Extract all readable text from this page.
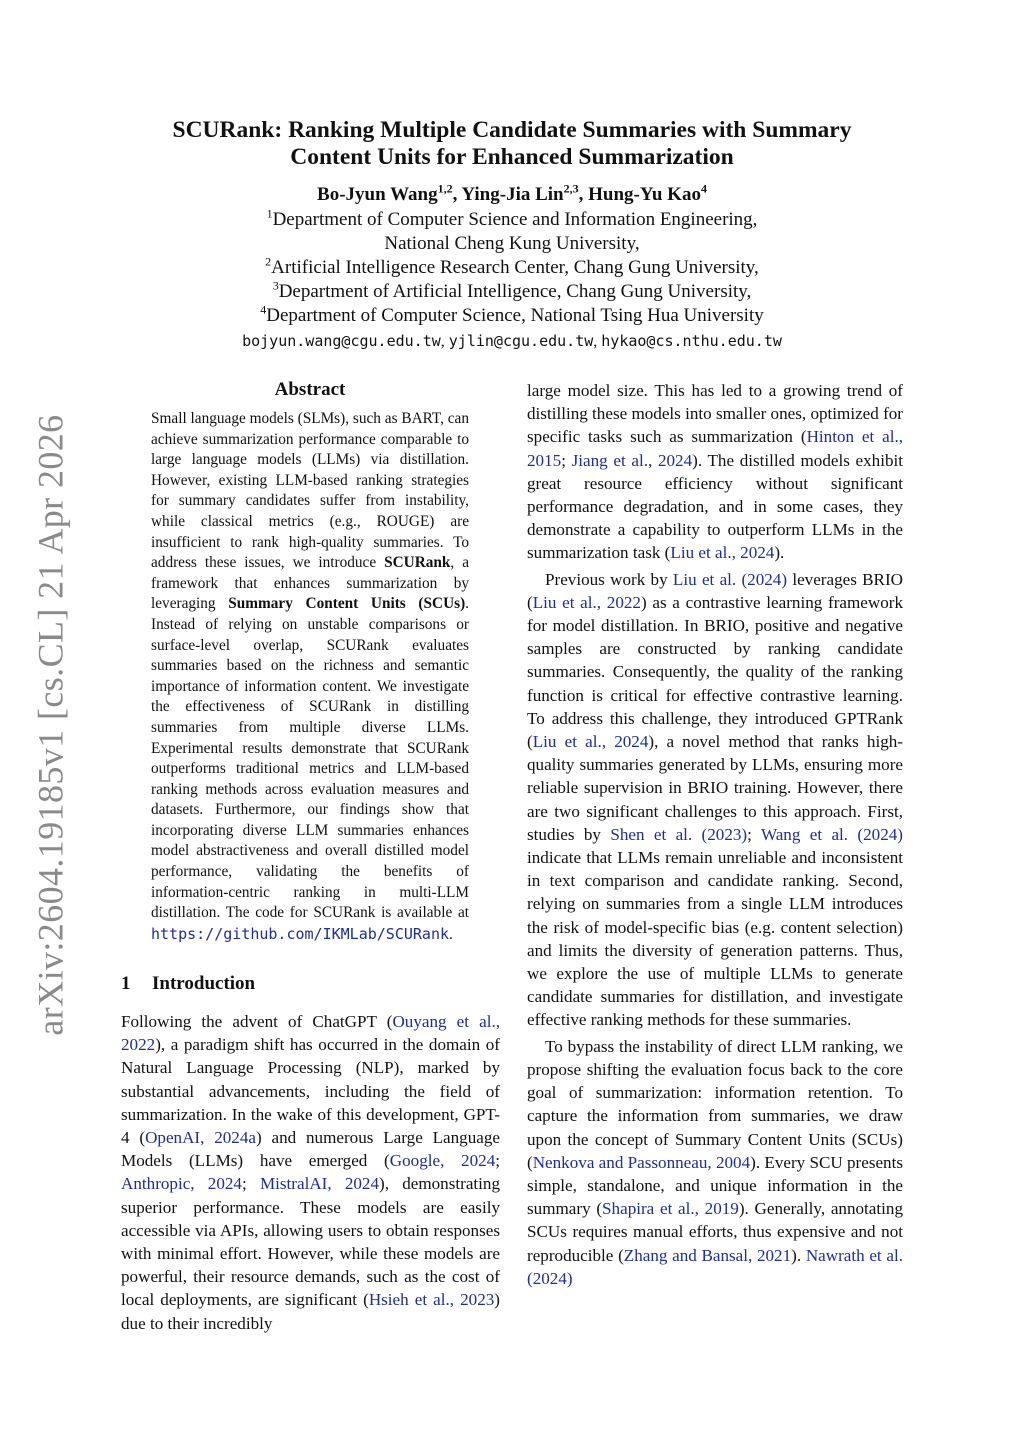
arXiv:2604.19185v1 [cs.CL] 21 Apr 2026
SCURank: Ranking Multiple Candidate Summaries with Summary
Content Units for Enhanced Summarization
Bo-Jyun Wang$^{1,2}$, Ying-Jia Lin$^{2,3}$, Hung-Yu Kao$^4$
$^1$Department of Computer Science and Information Engineering,
National Cheng Kung University,
$^2$Artificial Intelligence Research Center, Chang Gung University,
$^3$Department of Artificial Intelligence, Chang Gung University,
$^4$Department of Computer Science, National Tsing Hua University
bojyun.wang@cgu.edu.tw, yjlin@cgu.edu.tw, hykao@cs.nthu.edu.tw
Abstract
Small language models (SLMs), such as BART, can achieve summarization performance comparable to large language models (LLMs) via distillation. However, existing LLM-based ranking strategies for summary candidates suffer from instability, while classical metrics (e.g., ROUGE) are insufficient to rank high-quality summaries. To address these issues, we introduce SCURank, a framework that enhances summarization by leveraging Summary Content Units (SCUs). Instead of relying on unstable comparisons or surface-level overlap, SCURank evaluates summaries based on the richness and semantic importance of information content. We investigate the effectiveness of SCURank in distilling summaries from multiple diverse LLMs. Experimental results demonstrate that SCURank outperforms traditional metrics and LLM-based ranking methods across evaluation measures and datasets. Furthermore, our findings show that incorporating diverse LLM summaries enhances model abstractiveness and overall distilled model performance, validating the benefits of information-centric ranking in multi-LLM distillation. The code for SCURank is available at https://github.com/IKMLab/SCURank.
1 Introduction

Following the advent of ChatGPT (Ouyang et al., 2022), a paradigm shift has occurred in the domain of Natural Language Processing (NLP), marked by substantial advancements, including the field of summarization. In the wake of this development, GPT-4 (OpenAI, 2024a) and numerous Large Language Models (LLMs) have emerged (Google, 2024; Anthropic, 2024; MistralAI, 2024), demonstrating superior performance. These models are easily accessible via APIs, allowing users to obtain responses with minimal effort. However, while these models are powerful, their resource demands, such as the cost of local deployments, are significant (Hsieh et al., 2023) due to their incredibly

large model size. This has led to a growing trend of distilling these models into smaller ones, optimized for specific tasks such as summarization (Hinton et al., 2015; Jiang et al., 2024). The distilled models exhibit great resource efficiency without significant performance degradation, and in some cases, they demonstrate a capability to outperform LLMs in the summarization task (Liu et al., 2024).

Previous work by Liu et al. (2024) leverages BRIO (Liu et al., 2022) as a contrastive learning framework for model distillation. In BRIO, positive and negative samples are constructed by ranking candidate summaries. Consequently, the quality of the ranking function is critical for effective contrastive learning. To address this challenge, they introduced GPTRank (Liu et al., 2024), a novel method that ranks high-quality summaries generated by LLMs, ensuring more reliable supervision in BRIO training. However, there are two significant challenges to this approach. First, studies by Shen et al. (2023); Wang et al. (2024) indicate that LLMs remain unreliable and inconsistent in text comparison and candidate ranking. Second, relying on summaries from a single LLM introduces the risk of model-specific bias (e.g. content selection) and limits the diversity of generation patterns. Thus, we explore the use of multiple LLMs to generate candidate summaries for distillation, and investigate effective ranking methods for these summaries.

To bypass the instability of direct LLM ranking, we propose shifting the evaluation focus back to the core goal of summarization: information retention. To capture the information from summaries, we draw upon the concept of Summary Content Units (SCUs) (Nenkova and Passonneau, 2004). Every SCU presents simple, standalone, and unique information in the summary (Shapira et al., 2019). Generally, annotating SCUs requires manual efforts, thus expensive and not reproducible (Zhang and Bansal, 2021). Nawrath et al. (2024)
